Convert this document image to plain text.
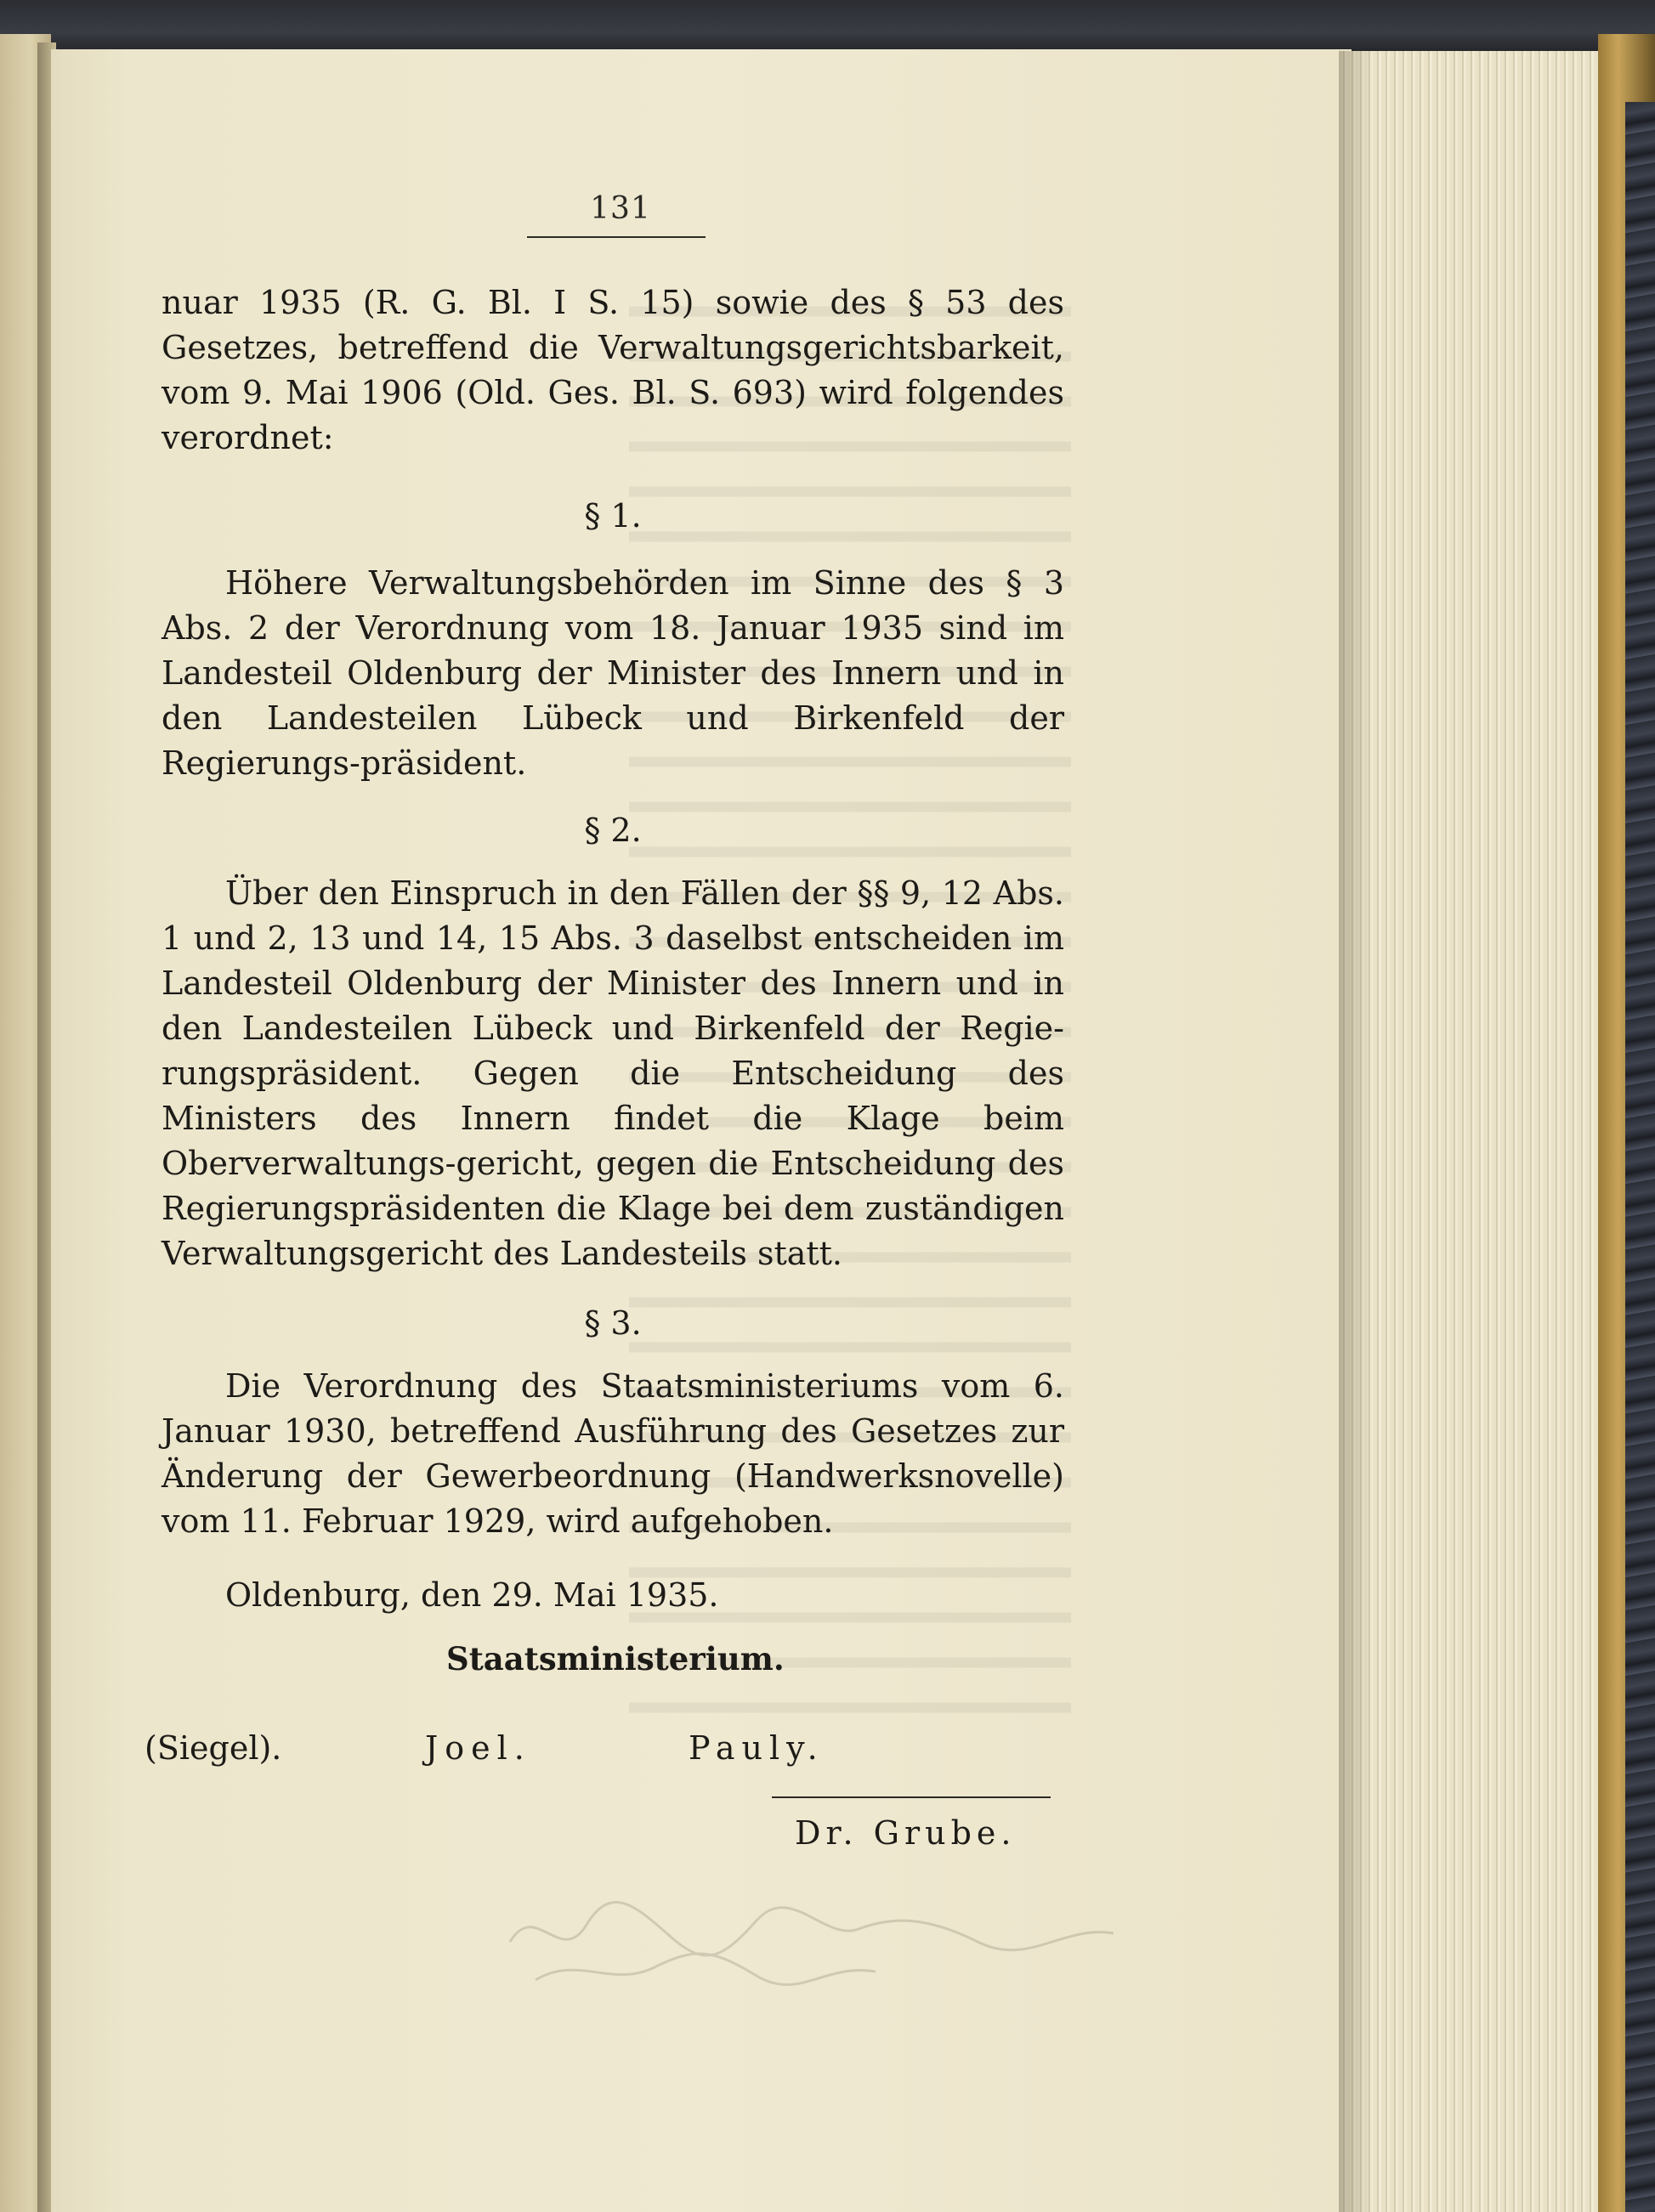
131
nuar 1935 (R. G. Bl. I S. 15) sowie des § 53 des Gesetzes, betreffend die Verwaltungsgerichtsbarkeit, vom 9. Mai 1906 (Old. Ges. Bl. S. 693) wird folgendes verordnet:
§ 1.
Höhere Verwaltungsbehörden im Sinne des § 3 Abs. 2 der Verordnung vom 18. Januar 1935 sind im Landesteil Oldenburg der Minister des Innern und in den Landesteilen Lübeck und Birkenfeld der Regierungs-präsident.
§ 2.
Über den Einspruch in den Fällen der §§ 9, 12 Abs. 1 und 2, 13 und 14, 15 Abs. 3 daselbst entscheiden im Landesteil Oldenburg der Minister des Innern und in den Landesteilen Lübeck und Birkenfeld der Regie-rungspräsident. Gegen die Entscheidung des Ministers des Innern findet die Klage beim Oberverwaltungs-gericht, gegen die Entscheidung des Regierungspräsidenten die Klage bei dem zuständigen Verwaltungsgericht des Landesteils statt.
§ 3.
Die Verordnung des Staatsministeriums vom 6. Januar 1930, betreffend Ausführung des Gesetzes zur Änderung der Gewerbeordnung (Handwerksnovelle) vom 11. Februar 1929, wird aufgehoben.
Oldenburg, den 29. Mai 1935.
Staatsministerium.
(Siegel).	Joel.	Pauly.
Dr. Grube.
